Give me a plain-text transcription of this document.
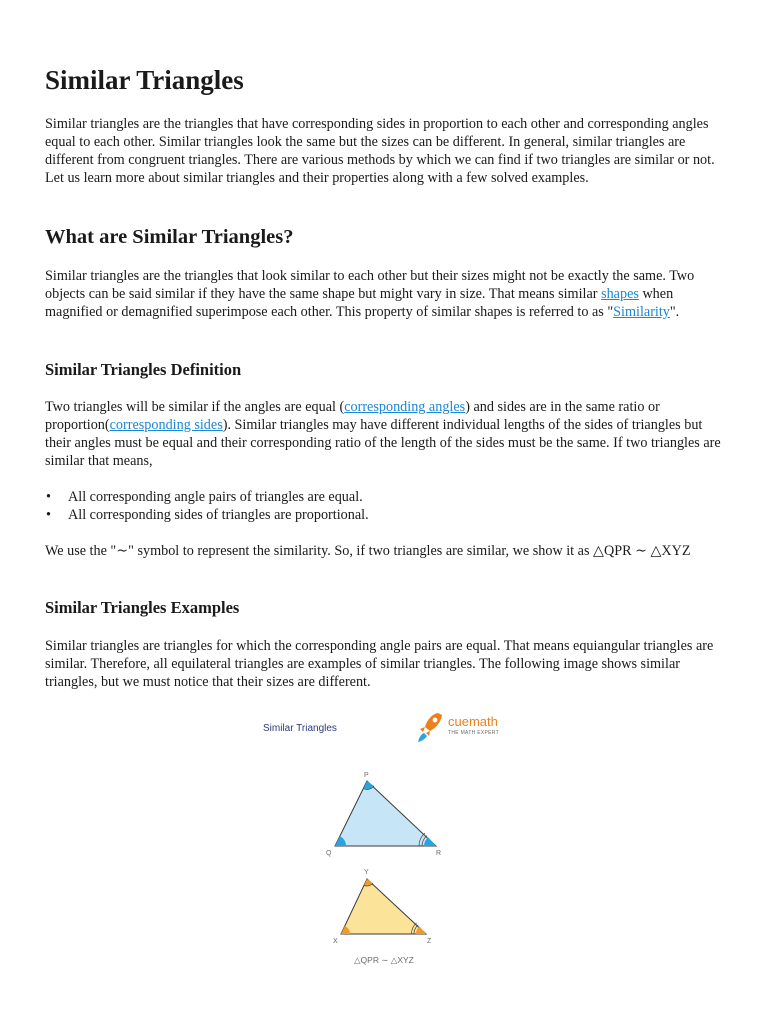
Similar Triangles

Similar triangles are the triangles that have corresponding sides in proportion to each other and corresponding angles equal to each other. Similar triangles look the same but the sizes can be different. In general, similar triangles are different from congruent triangles. There are various methods by which we can find if two triangles are similar or not. Let us learn more about similar triangles and their properties along with a few solved examples.

What are Similar Triangles?

Similar triangles are the triangles that look similar to each other but their sizes might not be exactly the same. Two objects can be said similar if they have the same shape but might vary in size. That means similar shapes when magnified or demagnified superimpose each other. This property of similar shapes is referred to as "Similarity".

Similar Triangles Definition

Two triangles will be similar if the angles are equal (corresponding angles) and sides are in the same ratio or proportion(corresponding sides). Similar triangles may have different individual lengths of the sides of triangles but their angles must be equal and their corresponding ratio of the length of the sides must be the same. If two triangles are similar that means,

• All corresponding angle pairs of triangles are equal.
• All corresponding sides of triangles are proportional.

We use the "∼" symbol to represent the similarity. So, if two triangles are similar, we show it as △QPR ∼ △XYZ

Similar Triangles Examples

Similar triangles are triangles for which the corresponding angle pairs are equal. That means equiangular triangles are similar. Therefore, all equilateral triangles are examples of similar triangles. The following image shows similar triangles, but we must notice that their sizes are different.

Similar Triangles	cuemath
THE MATH EXPERT
P
Q	R
Y
X	Z
△QPR ∼ △XYZ
